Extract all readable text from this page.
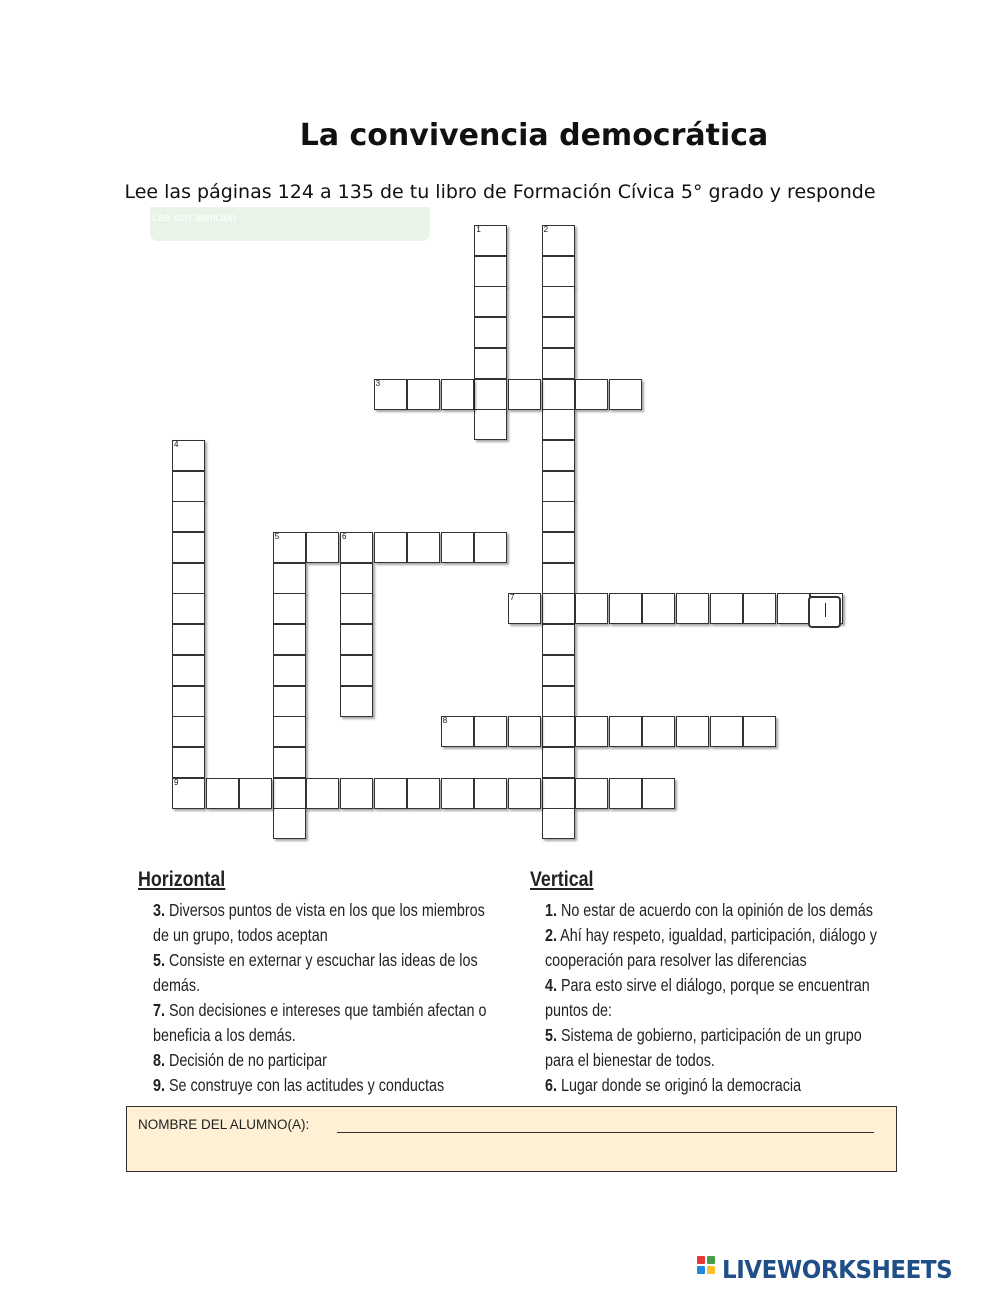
La convivencia democrática
Lee las páginas 124 a 135 de tu libro de Formación Cívica 5° grado y responde
Lee con atención
1	2
3
4
9
5	6
7
8
Horizontal
3. Diversos puntos de vista en los que los miembros
de un grupo, todos aceptan
5. Consiste en externar y escuchar las ideas de los
demás.
7. Son decisiones e intereses que también afectan o
beneficia a los demás.
8. Decisión de no participar
9. Se construye con las actitudes y conductas
Vertical
1. No estar de acuerdo con la opinión de los demás
2. Ahí hay respeto, igualdad, participación, diálogo y
cooperación para resolver las diferencias
4. Para esto sirve el diálogo, porque se encuentran
puntos de:
5. Sistema de gobierno, participación de un grupo
para el bienestar de todos.
6. Lugar donde se originó la democracia
NOMBRE DEL ALUMNO(A):
LIVEWORKSHEETS
